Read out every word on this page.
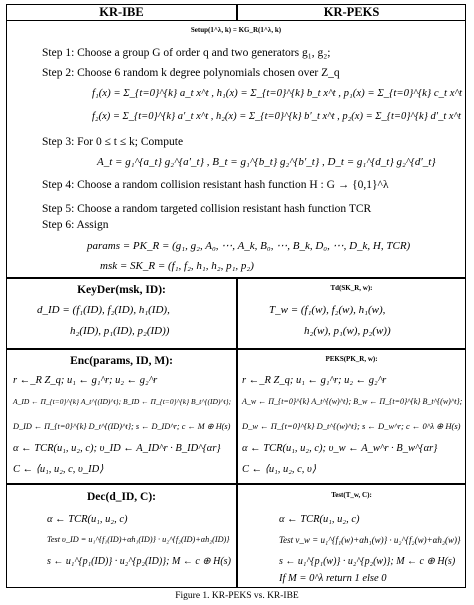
KR-IBE	KR-PEKS
Setup(1^λ, k) = KG_R(1^λ, k)
Step 1: Choose a group G of order q and two generators g₁, g₂;
Step 2: Choose 6 random k degree polynomials chosen over Z_q
f₁(x) = Σ_{t=0}^{k} a_t x^t , h₁(x) = Σ_{t=0}^{k} b_t x^t , p₁(x) = Σ_{t=0}^{k} c_t x^t
f₂(x) = Σ_{t=0}^{k} a′_t x^t , h₂(x) = Σ_{t=0}^{k} b′_t x^t , p₂(x) = Σ_{t=0}^{k} d′_t x^t
Step 3: For 0 ≤ t ≤ k; Compute
A_t = g₁^{a_t} g₂^{a′_t} , B_t = g₁^{b_t} g₂^{b′_t} , D_t = g₁^{d_t} g₂^{d′_t}
Step 4: Choose a random collision resistant hash function H : G → {0,1}^λ
Step 5: Choose a random targeted collision resistant hash function TCR
Step 6: Assign
params = PK_R = (g₁, g₂, A₀, ⋯, A_k, B₀, ⋯, B_k, D₀, ⋯, D_k, H, TCR)
msk = SK_R = (f₁, f₂, h₁, h₂, p₁, p₂)
KeyDer(msk, ID):
d_ID = (f₁(ID), f₂(ID), h₁(ID),
h₂(ID), p₁(ID), p₂(ID))
Td(SK_R, w):
T_w = (f₁(w), f₂(w), h₁(w),
h₂(w), p₁(w), p₂(w))
Enc(params, ID, M):
r ←_R Z_q; u₁ ← g₁^r; u₂ ← g₂^r
A_ID ← Π_{t=0}^{k} A_t^{(ID)^t}; B_ID ← Π_{t=0}^{k} B_t^{(ID)^t};
D_ID ← Π_{t=0}^{k} D_t^{(ID)^t}; s ← D_ID^r; c ← M ⊕ H(s)
α ← TCR(u₁, u₂, c); υ_ID ← A_ID^r · B_ID^{αr}
C ← ⟨u₁, u₂, c, υ_ID⟩
PEKS(PK_R, w):
r ←_R Z_q; u₁ ← g₁^r; u₂ ← g₂^r
A_w ← Π_{t=0}^{k} A_t^{(w)^t}; B_w ← Π_{t=0}^{k} B_t^{(w)^t};
D_w ← Π_{t=0}^{k} D_t^{(w)^t}; s ← D_w^r; c ← 0^λ ⊕ H(s)
α ← TCR(u₁, u₂, c); υ_w ← A_w^r · B_w^{αr}
C ← ⟨u₁, u₂, c, υ⟩
Dec(d_ID, C):
α ← TCR(u₁, u₂, c)
Test υ_ID = u₁^{f₁(ID)+αh₁(ID)} · u₂^{f₂(ID)+αh₂(ID)}
s ← u₁^{p₁(ID)} · u₂^{p₂(ID)}; M ← c ⊕ H(s)
Test(T_w, C):
α ← TCR(u₁, u₂, c)
Test v_w = u₁^{f₁(w)+αh₁(w)} · u₂^{f₂(w)+αh₂(w)}
s ← u₁^{p₁(w)} · u₂^{p₂(w)}; M ← c ⊕ H(s)
If M = 0^λ return 1 else 0
Figure 1. KR-PEKS vs. KR-IBE
